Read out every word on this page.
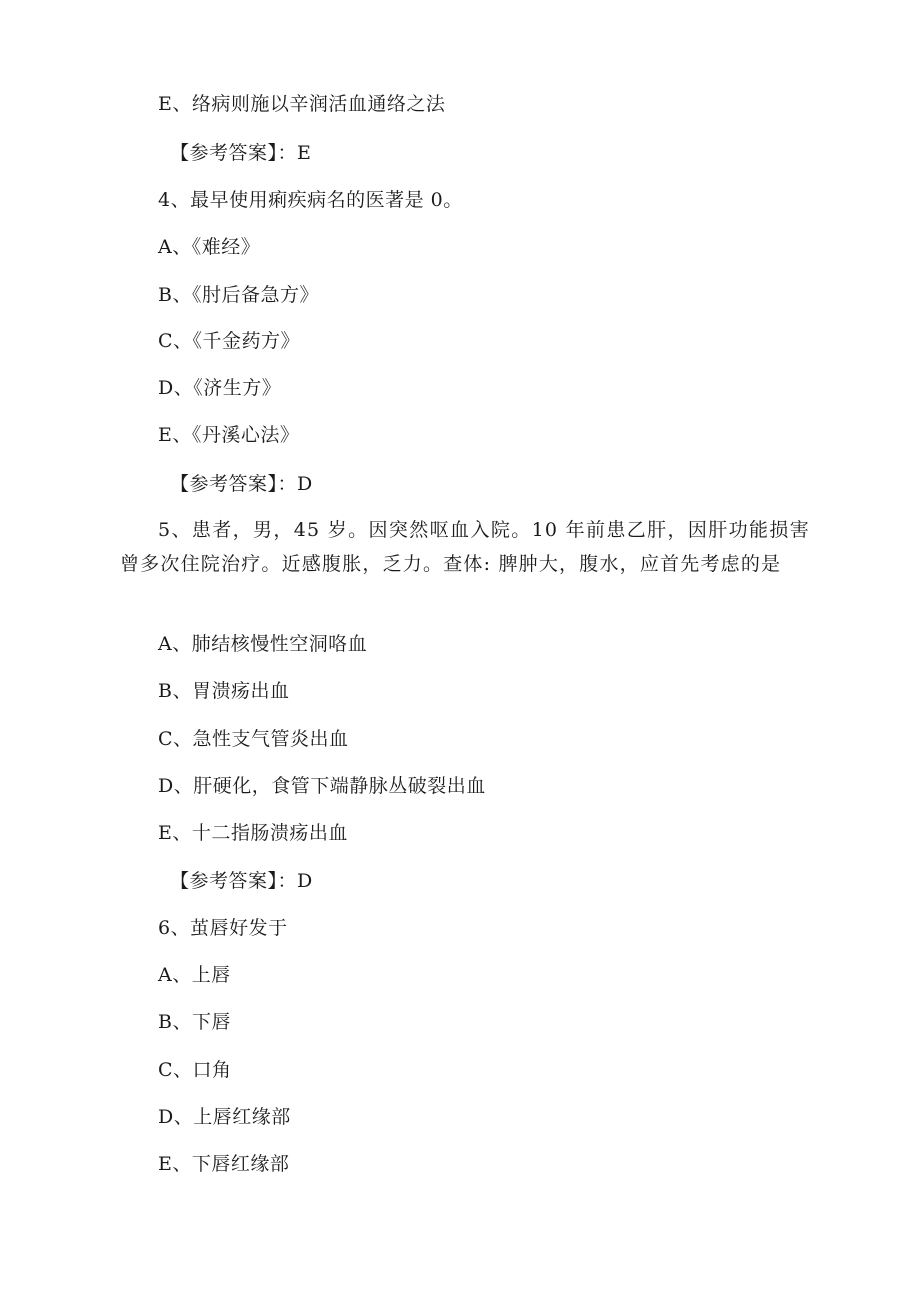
E、络病则施以辛润活血通络之法
【参考答案】：E
4、最早使用痢疾病名的医著是 0。
A、《难经》
B、《肘后备急方》
C、《千金药方》
D、《济生方》
E、《丹溪心法》
【参考答案】：D
5、患者，男，45 岁。因突然呕血入院。10 年前患乙肝，因肝功能损害曾多次住院治疗。近感腹胀，乏力。查体: 脾肿大，腹水，应首先考虑的是
A、肺结核慢性空洞咯血
B、胃溃疡出血
C、急性支气管炎出血
D、肝硬化，食管下端静脉丛破裂出血
E、十二指肠溃疡出血
【参考答案】：D
6、茧唇好发于
A、上唇
B、下唇
C、口角
D、上唇红缘部
E、下唇红缘部
